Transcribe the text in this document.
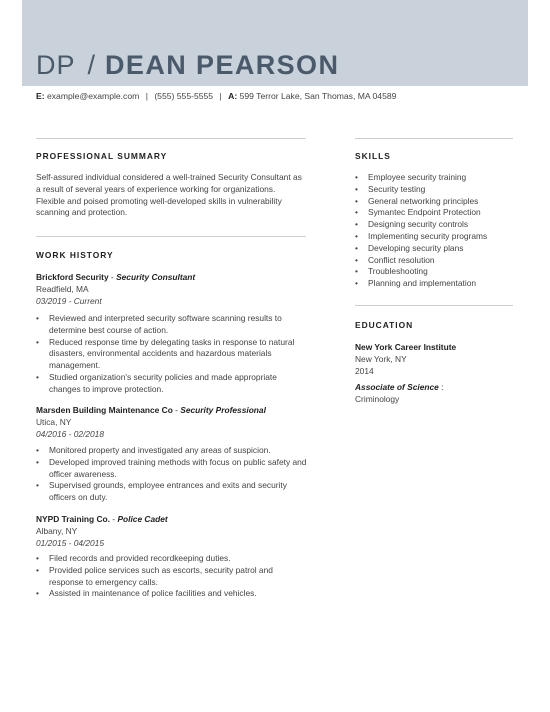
DP / DEAN PEARSON
E: example@example.com | (555) 555-5555 | A: 599 Terror Lake, San Thomas, MA 04589
PROFESSIONAL SUMMARY
Self-assured individual considered a well-trained Security Consultant as a result of several years of experience working for organizations. Flexible and poised promoting well-developed skills in vulnerability scanning and protection.
WORK HISTORY
Brickford Security - Security Consultant
Readfield, MA
03/2019 - Current
• Reviewed and interpreted security software scanning results to determine best course of action.
• Reduced response time by delegating tasks in response to natural disasters, environmental accidents and hazardous materials management.
• Studied organization's security policies and made appropriate changes to improve protection.
Marsden Building Maintenance Co - Security Professional
Utica, NY
04/2016 - 02/2018
• Monitored property and investigated any areas of suspicion.
• Developed improved training methods with focus on public safety and officer awareness.
• Supervised grounds, employee entrances and exits and security officers on duty.
NYPD Training Co. - Police Cadet
Albany, NY
01/2015 - 04/2015
• Filed records and provided recordkeeping duties.
• Provided police services such as escorts, security patrol and response to emergency calls.
• Assisted in maintenance of police facilities and vehicles.
SKILLS
• Employee security training
• Security testing
• General networking principles
• Symantec Endpoint Protection
• Designing security controls
• Implementing security programs
• Developing security plans
• Conflict resolution
• Troubleshooting
• Planning and implementation
EDUCATION
New York Career Institute
New York, NY
2014
Associate of Science :
Criminology
